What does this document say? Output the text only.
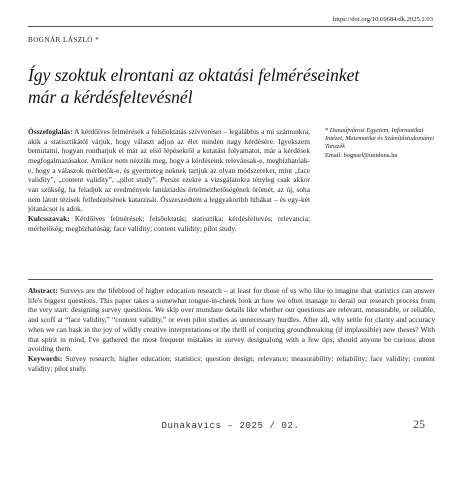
https://doi.org/10.69684/dk.2025.2.03
BOGNÁR LÁSZLÓ *
Így szoktuk elrontani az oktatási felméréseinket már a kérdésfeltevésnél

Összefoglalás: A kérdőíves felmérések a felsőoktatás szívverései – legalábbis a mi számunkra, akik a statisztikától várjuk, hogy választ adjon az élet minden nagy kérdésére. Igyekszem bemutatni, hogyan ronthatjuk el már az első lépésekről a kutatási folyamatot, már a kérdések megfogalmazásakor. Amikor nem nézzük meg, hogy a kérdéseink relevánsak-e, megbízhatóak-e, hogy a válaszok mérhetők-e, és gyermeteg neknek tartjuk az olyan módszereket, mint „face validity”, „content validity”, „pilot study”. Persze ezekre a vizsgálatokra tényleg csak akkor van szükség, ha feladjuk az eredmények fantáziadús értelmezhetőségének örömét, az új, soha nem látott tézisek felfedezésének katarzisát. Összeszedtem a leggyakoribb hibákat – és egy-két jótanácsot is adok.

Kulcsszavak: Kérdőíves felmérések; felsőoktatás; statisztika; kérdésfeltevés; relevancia; mérhetőség; megbízhatóság; face validity; content validity; pilot study.

* Dunaújvárosi Egyetem, Informatikai Intézet, Matematika és Számítástudományi Tanszék

Email: bognarl@uniduna.hu

Abstract: Surveys are the lifeblood of higher education research – at least for those of us who like to imagine that statistics can answer life's biggest questions. This paper takes a somewhat tongue-in-cheek look at how we often manage to derail our research process from the very start: designing survey questions. We skip over mundane details like whether our questions are relevant, measurable, or reliable, and scoff at “face validity,” “content validity,” or even pilot studies as unnecessary hurdles. After all, why settle for clarity and accuracy when we can bask in the joy of wildly creative interpretations or the thrill of conjuring groundbreaking (if implausible) new theses? With that spirit in mind, I've gathered the most frequent mistakes in survey designalong with a few tips, should anyone be curious about avoiding them.

Keywords: Survey research; higher education; statistics; question design; relevance; measurability; reliability; face validity; content validity; pilot study.

Dunakavics – 2025 / 02.	25
